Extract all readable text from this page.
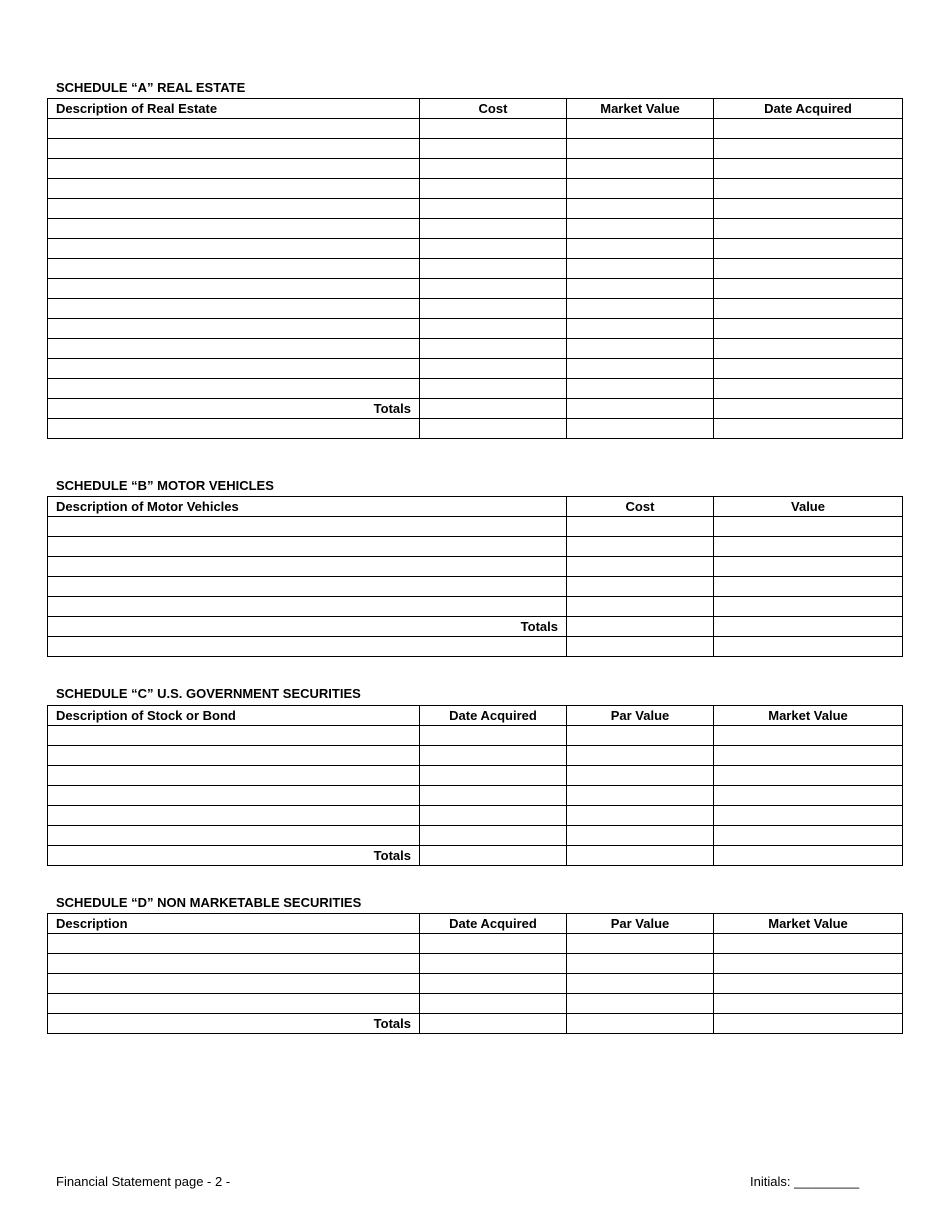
SCHEDULE “A” REAL ESTATE

Description of Real Estate	Cost	Market Value	Date Acquired

Totals			

SCHEDULE “B” MOTOR VEHICLES

Description of Motor Vehicles	Cost	Value

Totals		

SCHEDULE “C” U.S. GOVERNMENT SECURITIES

Description of Stock or Bond	Date Acquired	Par Value	Market Value

Totals			

SCHEDULE “D” NON MARKETABLE SECURITIES

Description	Date Acquired	Par Value	Market Value

Totals			
Financial Statement page - 2 -	Initials: _________
